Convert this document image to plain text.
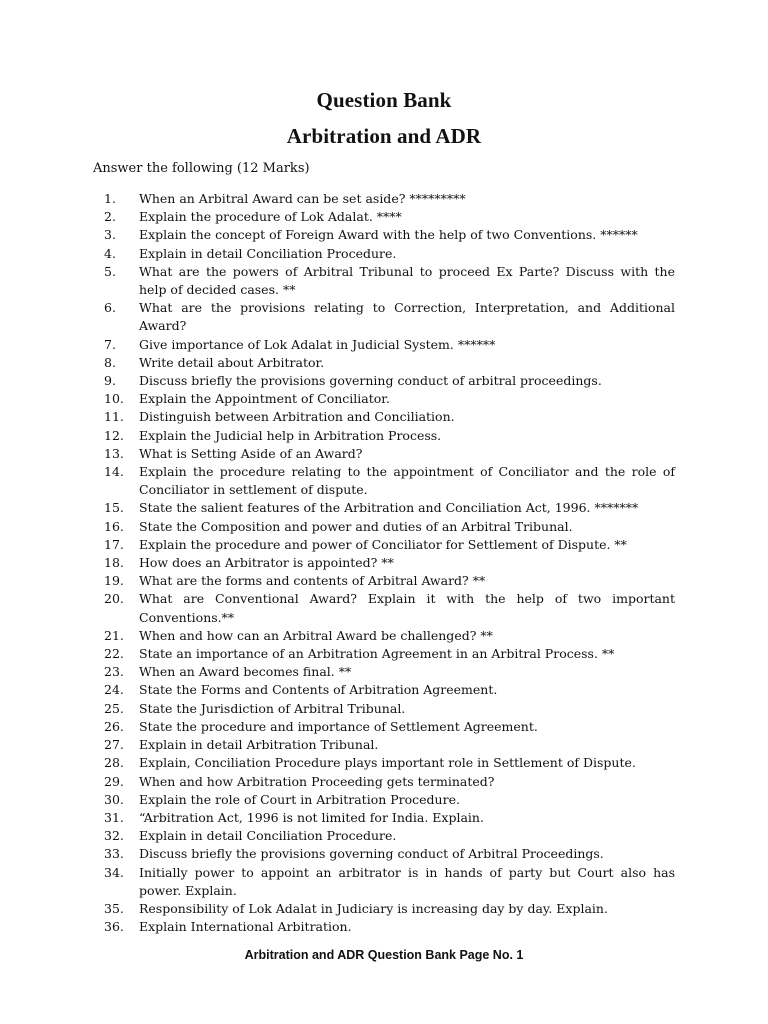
Question Bank
Arbitration and ADR

Answer the following (12 Marks)

1.	When an Arbitral Award can be set aside? *********
2.	Explain the procedure of Lok Adalat. ****
3.	Explain the concept of Foreign Award with the help of two Conventions. ******
4.	Explain in detail Conciliation Procedure.
5.	What are the powers of Arbitral Tribunal to proceed Ex Parte? Discuss with the help of decided cases. **
6.	What are the provisions relating to Correction, Interpretation, and Additional Award?
7.	Give importance of Lok Adalat in Judicial System. ******
8.	Write detail about Arbitrator.
9.	Discuss briefly the provisions governing conduct of arbitral proceedings.
10.	Explain the Appointment of Conciliator.
11.	Distinguish between Arbitration and Conciliation.
12.	Explain the Judicial help in Arbitration Process.
13.	What is Setting Aside of an Award?
14.	Explain the procedure relating to the appointment of Conciliator and the role of Conciliator in settlement of dispute.
15.	State the salient features of the Arbitration and Conciliation Act, 1996. *******
16.	State the Composition and power and duties of an Arbitral Tribunal.
17.	Explain the procedure and power of Conciliator for Settlement of Dispute. **
18.	How does an Arbitrator is appointed? **
19.	What are the forms and contents of Arbitral Award? **
20.	What are Conventional Award? Explain it with the help of two important Conventions.**
21.	When and how can an Arbitral Award be challenged? **
22.	State an importance of an Arbitration Agreement in an Arbitral Process. **
23.	When an Award becomes final. **
24.	State the Forms and Contents of Arbitration Agreement.
25.	State the Jurisdiction of Arbitral Tribunal.
26.	State the procedure and importance of Settlement Agreement.
27.	Explain in detail Arbitration Tribunal.
28.	Explain, Conciliation Procedure plays important role in Settlement of Dispute.
29.	When and how Arbitration Proceeding gets terminated?
30.	Explain the role of Court in Arbitration Procedure.
31.	“Arbitration Act, 1996 is not limited for India. Explain.
32.	Explain in detail Conciliation Procedure.
33.	Discuss briefly the provisions governing conduct of Arbitral Proceedings.
34.	Initially power to appoint an arbitrator is in hands of party but Court also has power. Explain.
35.	Responsibility of Lok Adalat in Judiciary is increasing day by day. Explain.
36.	Explain International Arbitration.

Arbitration and ADR Question Bank Page No. 1
